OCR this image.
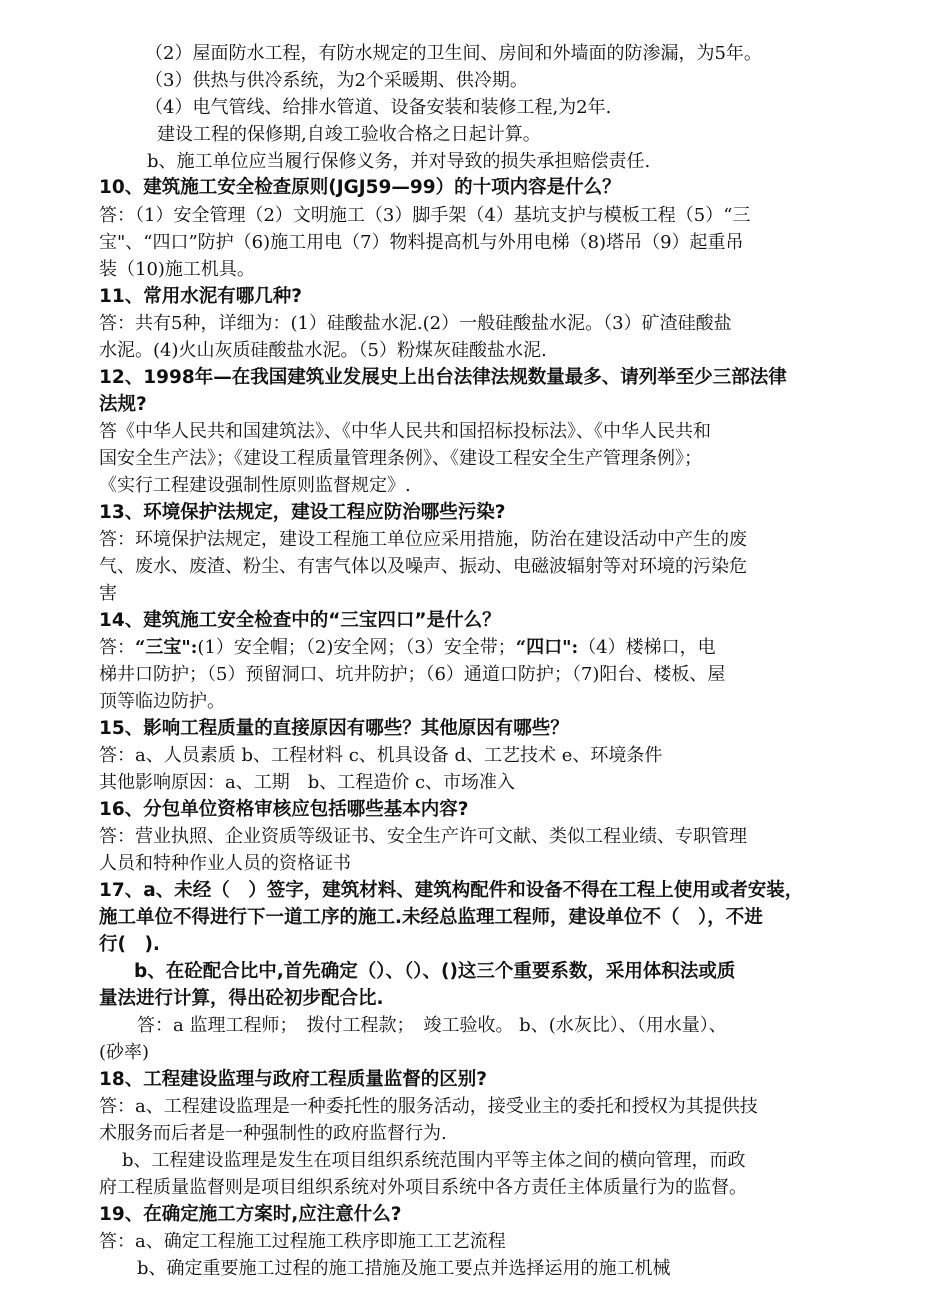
（2）屋面防水工程，有防水规定的卫生间、房间和外墙面的防渗漏，为5年。
（3）供热与供冷系统，为2个采暖期、供冷期。
（4）电气管线、给排水管道、设备安装和装修工程,为2年.
建设工程的保修期,自竣工验收合格之日起计算。
b、施工单位应当履行保修义务，并对导致的损失承担赔偿责任.
10、建筑施工安全检查原则(JGJ59—99）的十项内容是什么？
答：（1）安全管理（2）文明施工（3）脚手架（4）基坑支护与模板工程（5）“三
宝"、“四口”防护（6)施工用电（7）物料提高机与外用电梯（8)塔吊（9）起重吊
装（10)施工机具。
11、常用水泥有哪几种?
答：共有5种，详细为：(1）硅酸盐水泥.(2）一般硅酸盐水泥。（3）矿渣硅酸盐
水泥。(4)火山灰质硅酸盐水泥。（5）粉煤灰硅酸盐水泥.
12、1998年—在我国建筑业发展史上出台法律法规数量最多、请列举至少三部法律
法规?
答《中华人民共和国建筑法》、《中华人民共和国招标投标法》、《中华人民共和
国安全生产法》；《建设工程质量管理条例》、《建设工程安全生产管理条例》；
《实行工程建设强制性原则监督规定》.
13、环境保护法规定，建设工程应防治哪些污染?
答：环境保护法规定，建设工程施工单位应采用措施，防治在建设活动中产生的废
气、废水、废渣、粉尘、有害气体以及噪声、振动、电磁波辐射等对环境的污染危
害
14、建筑施工安全检查中的“三宝四口”是什么？
答：“三宝":(1）安全帽；（2)安全网；（3）安全带；“四口":（4）楼梯口，电
梯井口防护；（5）预留洞口、坑井防护；（6）通道口防护；（7)阳台、楼板、屋
顶等临边防护。
15、影响工程质量的直接原因有哪些？其他原因有哪些？
答：a、人员素质 b、工程材料 c、机具设备 d、工艺技术 e、环境条件
其他影响原因：a、工期　b、工程造价 c、市场准入
16、分包单位资格审核应包括哪些基本内容?
答：营业执照、企业资质等级证书、安全生产许可文献、类似工程业绩、专职管理
人员和特种作业人员的资格证书
17、a、未经（　）签字，建筑材料、建筑构配件和设备不得在工程上使用或者安装，
施工单位不得进行下一道工序的施工.未经总监理工程师，建设单位不（　），不进
行(　).
b、在砼配合比中,首先确定（）、（）、()这三个重要系数，采用体积法或质
量法进行计算，得出砼初步配合比.
答：a 监理工程师；　拨付工程款；　竣工验收。 b、(水灰比）、（用水量）、
(砂率)
18、工程建设监理与政府工程质量监督的区别?
答：a、工程建设监理是一种委托性的服务活动，接受业主的委托和授权为其提供技
术服务而后者是一种强制性的政府监督行为.
b、工程建设监理是发生在项目组织系统范围内平等主体之间的横向管理，而政
府工程质量监督则是项目组织系统对外项目系统中各方责任主体质量行为的监督。
19、在确定施工方案时,应注意什么?
答：a、确定工程施工过程施工秩序即施工工艺流程
b、确定重要施工过程的施工措施及施工要点并选择运用的施工机械
